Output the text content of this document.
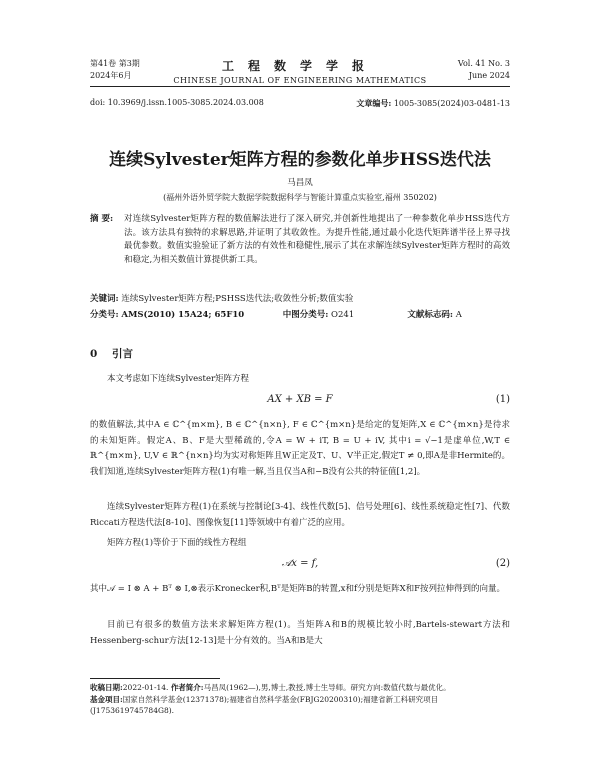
第41卷 第3期
2024年6月
工程数学学报
CHINESE JOURNAL OF ENGINEERING MATHEMATICS
Vol. 41 No. 3
June 2024
doi: 10.3969/j.issn.1005-3085.2024.03.008	文章编号: 1005-3085(2024)03-0481-13
连续Sylvester矩阵方程的参数化单步HSS迭代法
马昌凤
(福州外语外贸学院大数据学院数据科学与智能计算重点实验室,福州 350202)
摘 要: 对连续Sylvester矩阵方程的数值解法进行了深入研究,并创新性地提出了一种参数化单步HSS迭代方法。该方法具有独特的求解思路,并证明了其收敛性。为提升性能,通过最小化迭代矩阵谱半径上界寻找最优参数。数值实验验证了新方法的有效性和稳健性,展示了其在求解连续Sylvester矩阵方程时的高效和稳定,为相关数值计算提供新工具。
关键词: 连续Sylvester矩阵方程;PSHSS迭代法;收敛性分析;数值实验
分类号: AMS(2010) 15A24; 65F10	中图分类号: O241	文献标志码: A
0 引言
本文考虑如下连续Sylvester矩阵方程
AX + XB = F	(1)
的数值解法,其中A ∈ ℂ^{m×m}, B ∈ ℂ^{n×n}, F ∈ ℂ^{m×n}是给定的复矩阵,X ∈ ℂ^{m×n}是待求的未知矩阵。假定A、B、F是大型稀疏的,令A = W + iT, B = U + iV, 其中i = √−1是虚单位,W,T ∈ ℝ^{m×m}, U,V ∈ ℝ^{n×n}均为实对称矩阵且W正定及T、U、V半正定,假定T ≠ 0,即A是非Hermite的。我们知道,连续Sylvester矩阵方程(1)有唯一解,当且仅当A和−B没有公共的特征值[1,2]。
连续Sylvester矩阵方程(1)在系统与控制论[3-4]、线性代数[5]、信号处理[6]、线性系统稳定性[7]、代数Riccati方程迭代法[8-10]、图像恢复[11]等领域中有着广泛的应用。
矩阵方程(1)等价于下面的线性方程组
𝒜x = f,	(2)
其中𝒜 = I ⊗ A + Bᵀ ⊗ I,⊗表示Kronecker积,Bᵀ是矩阵B的转置,x和f分别是矩阵X和F按列拉伸得到的向量。
目前已有很多的数值方法来求解矩阵方程(1)。当矩阵A和B的规模比较小时,Bartels-stewart方法和Hessenberg-schur方法[12-13]是十分有效的。当A和B是大
收稿日期:2022-01-14. 作者简介:马昌凤(1962—),男,博士,教授,博士生导师。研究方向:数值代数与最优化。
基金项目:国家自然科学基金(12371378);福建省自然科学基金(FBJG20200310);福建省新工科研究项目(J1753619745784G8).
